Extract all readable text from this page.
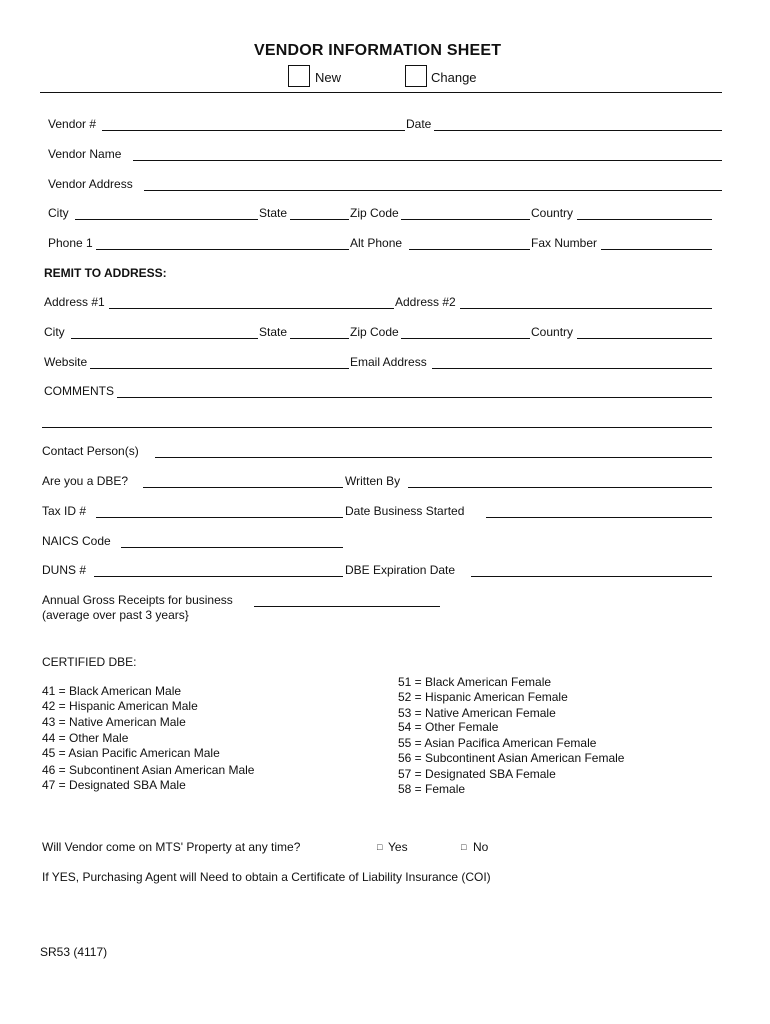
VENDOR INFORMATION SHEET
New	Change
Vendor #	Date
Vendor Name
Vendor Address
City	State	Zip Code	Country
Phone 1	Alt Phone	Fax Number
REMIT TO ADDRESS:
Address #1	Address #2
City	State	Zip Code	Country
Website	Email Address
COMMENTS
Contact Person(s)
Are you a DBE?	Written By
Tax ID #	Date Business Started
NAICS Code
DUNS #	DBE Expiration Date
Annual Gross Receipts for business
(average over past 3 years}
CERTIFIED DBE:
41 = Black American Male
42 = Hispanic American Male
43 = Native American Male
44 = Other Male
45 = Asian Pacific American Male
46 = Subcontinent Asian American Male
47 = Designated SBA Male
51 = Black American Female
52 = Hispanic American Female
53 = Native American Female
54 = Other Female
55 = Asian Pacifica American Female
56 = Subcontinent Asian American Female
57 = Designated SBA Female
58 = Female
Will Vendor come on MTS' Property at any time?	□ Yes	□ No
If YES, Purchasing Agent will Need to obtain a Certificate of Liability Insurance (COI)
SR53 (4117)
